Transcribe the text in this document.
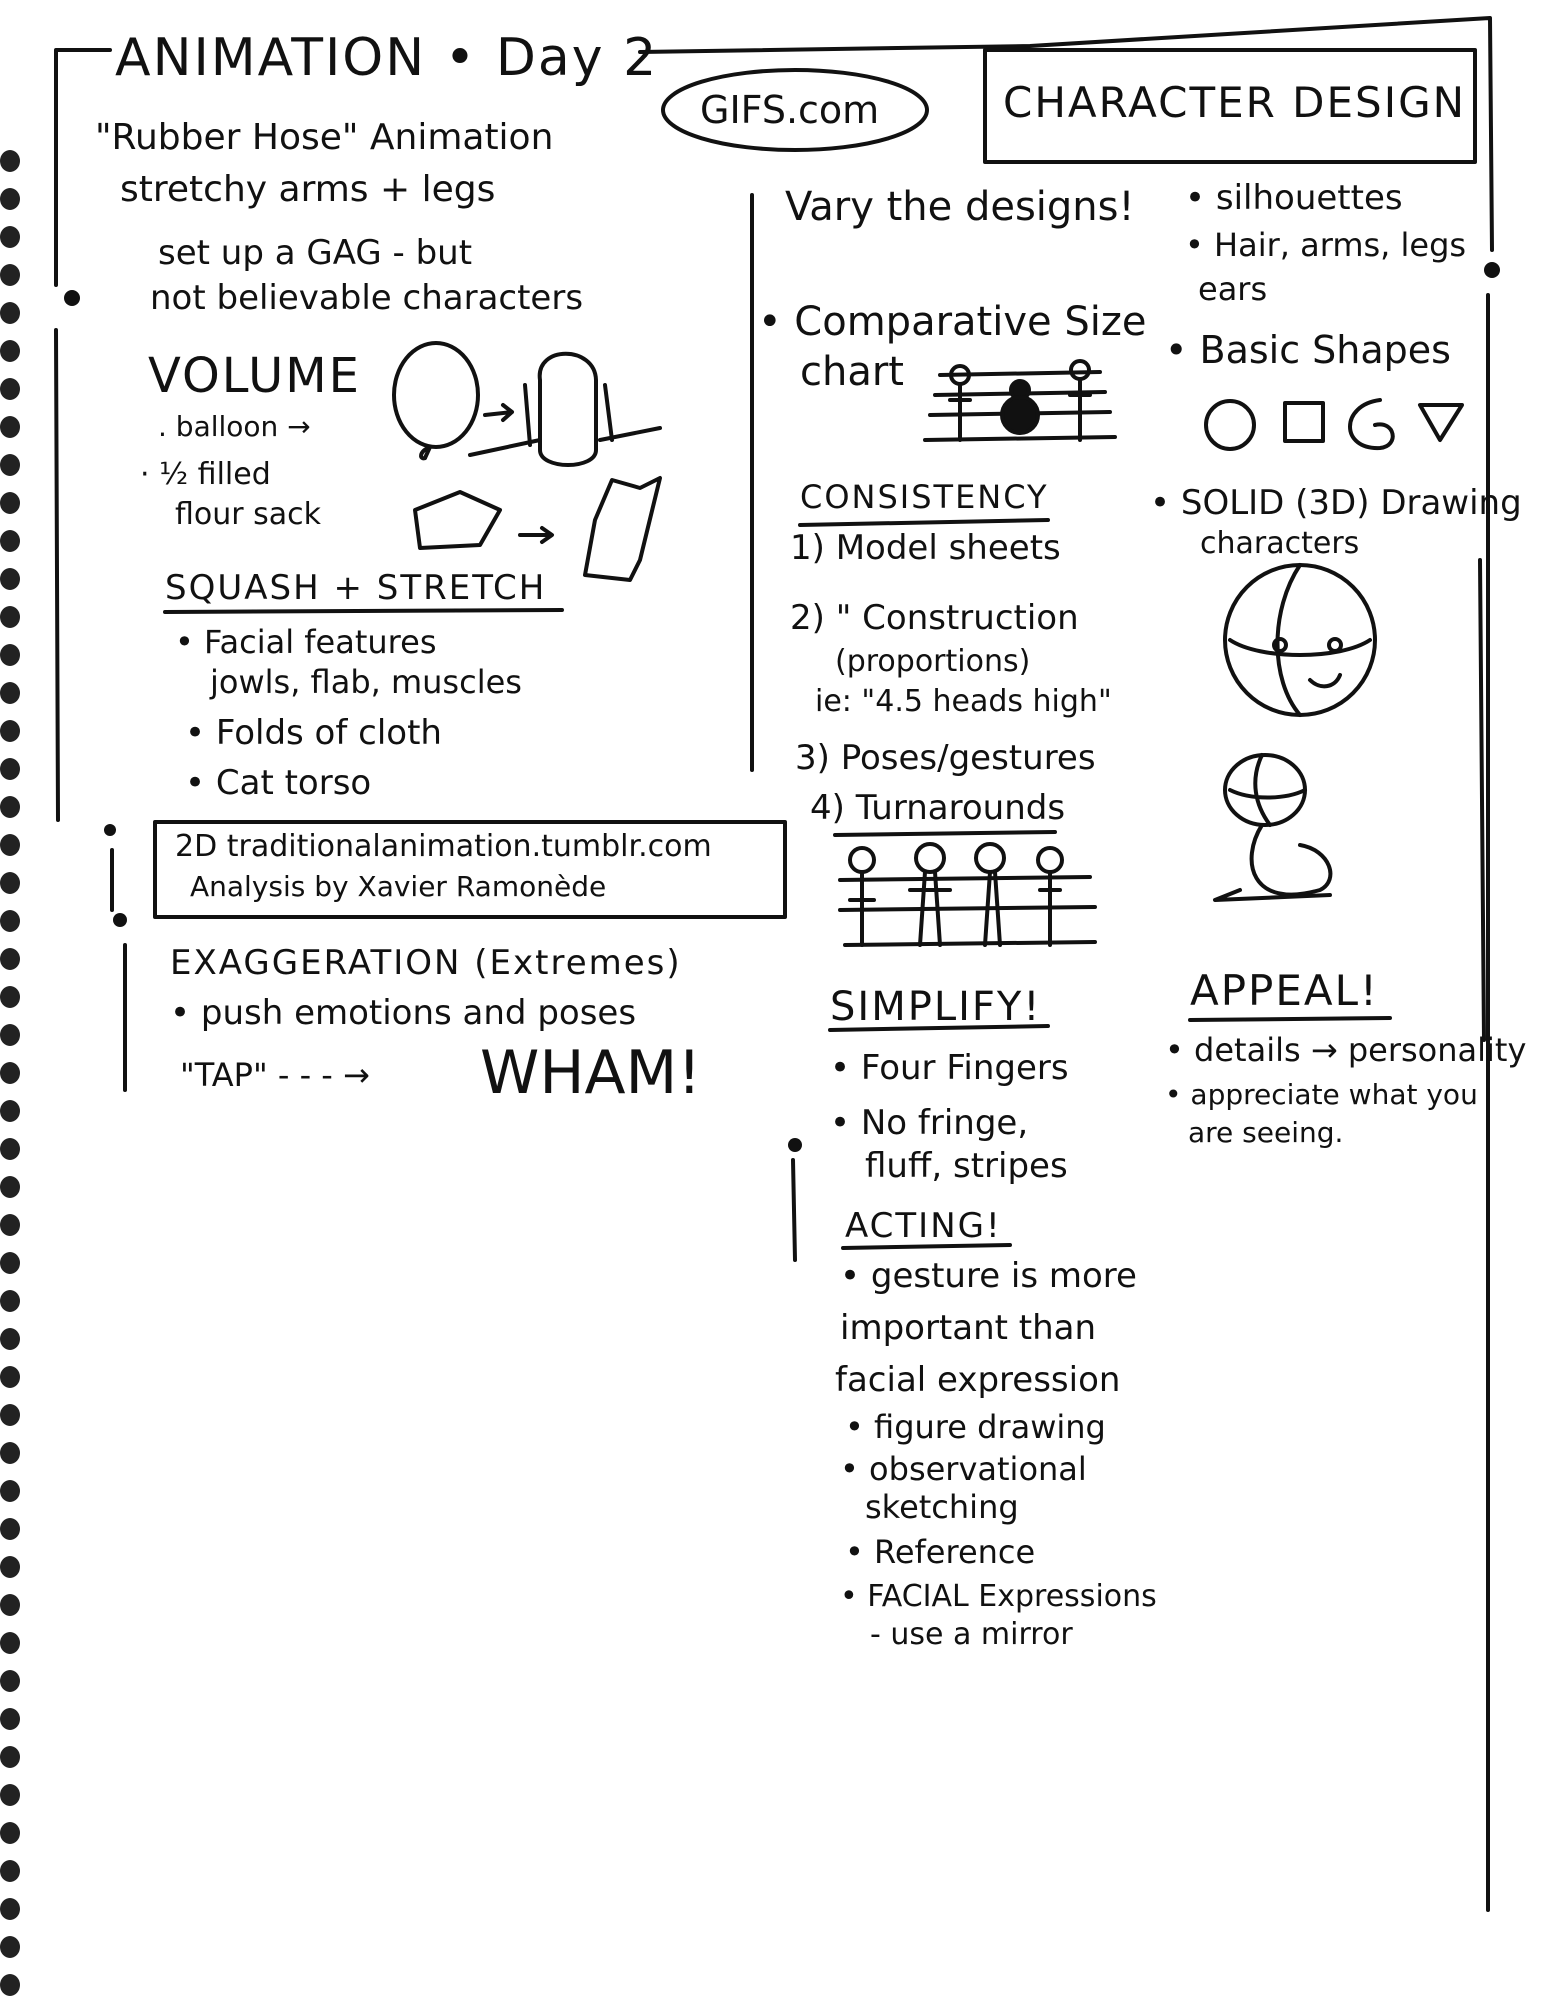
ANIMATION • Day 2
GIFS.com	CHARACTER DESIGN
"Rubber Hose" Animation
stretchy arms + legs
set up a GAG - but
not believable characters
VOLUME
. balloon →
· ½ filled
flour sack
SQUASH + STRETCH
• Facial features
jowls, flab, muscles
• Folds of cloth
• Cat torso
2D traditionalanimation.tumblr.com
Analysis by Xavier Ramonède
EXAGGERATION (Extremes)
• push emotions and poses
"TAP" - - - → WHAM!
Vary the designs!
• Comparative Size
chart
CONSISTENCY
1) Model sheets
2) " Construction
(proportions)
ie: "4.5 heads high"
3) Poses/gestures
4) Turnarounds
SIMPLIFY!
• Four Fingers
• No fringe,
fluff, stripes
ACTING!
• gesture is more
important than
facial expression
• figure drawing
• observational
sketching
• Reference
• FACIAL Expressions
- use a mirror
• silhouettes
• Hair, arms, legs
ears
• Basic Shapes
• SOLID (3D) Drawing
characters
APPEAL!
• details → personality
• appreciate what you
are seeing.
